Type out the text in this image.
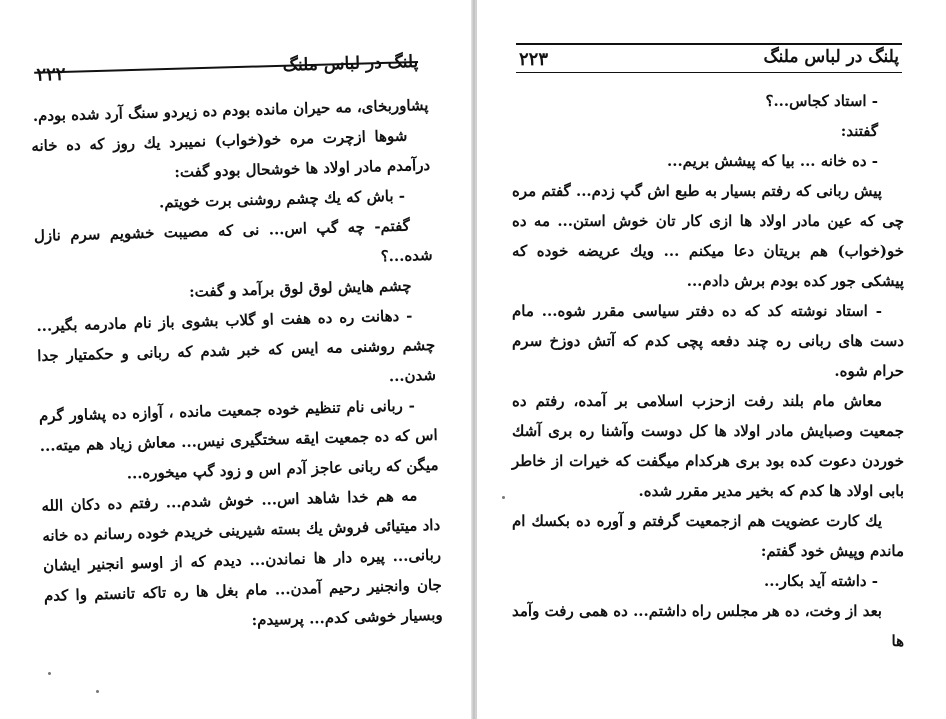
پلنگ در لباس ملنگ
۲۲۲

پشاوربخای، مه حیران مانده بودم ده زیردو سنگ آرد شده بودم.

شوها ازچرت مره خو(خواب) نمیبرد یك روز که ده خانه درآمدم مادر اولاد ها خوشحال بودو گفت:

- باش که یك چشم روشنی برت خویتم.

گفتم- چه گپ اس... نی که مصیبت خشویم سرم نازل شده...؟

چشم هایش لوق لوق برآمد و گفت:

- دهانت ره ده هفت او گلاب بشوی باز نام مادرمه بگیر... چشم روشنی مه ایس که خبر شدم که ربانی و حکمتیار جدا شدن...

- ربانی نام تنظیم خوده جمعیت مانده ، آوازه ده پشاور گرم اس که ده جمعیت ایقه سختگیری نیس... معاش زیاد هم میته... میگن که ربانی عاجز آدم اس و زود گپ میخوره...

مه هم خدا شاهد اس... خوش شدم... رفتم ده دکان الله داد میتیائی فروش یك بسته شیرینی خریدم خوده رسانم ده خانه ربانی... پیره دار ها نماندن... دیدم که از اوسو انجنیر ایشان جان وانجنیر رحیم آمدن... مام بغل ها ره تاکه تانستم وا کدم وبسیار خوشی کدم... پرسیدم:

پلنگ در لباس ملنگ
۲۲۳

- استاد کجاس...؟

گفتند:

- ده خانه ... بیا که پیشش بریم...

پیش ربانی که رفتم بسیار به طبع اش گپ زدم... گفتم مره چی که عین مادر اولاد ها ازی کار تان خوش استن... مه ده خو(خواب) هم بریتان دعا میکنم ... ویك عریضه خوده که پیشکی جور کده بودم برش دادم...

- استاد نوشته کد که ده دفتر سیاسی مقرر شوه... مام دست های ربانی ره چند دفعه پچی کدم که آتش دوزخ سرم حرام شوه.

معاش مام بلند رفت ازحزب اسلامی بر آمده، رفتم ده جمعیت وصبایش مادر اولاد ها کل دوست وآشنا ره بری آشك خوردن دعوت کده بود بری هرکدام میگفت که خیرات از خاطر بابی اولاد ها کدم که بخیر مدیر مقرر شده.

یك کارت عضویت هم ازجمعیت گرفتم و آوره ده بکسك ام ماندم وپیش خود گفتم:

- داشته آید بکار...

بعد از وخت، ده هر مجلس راه داشتم... ده همی رفت وآمد ها
